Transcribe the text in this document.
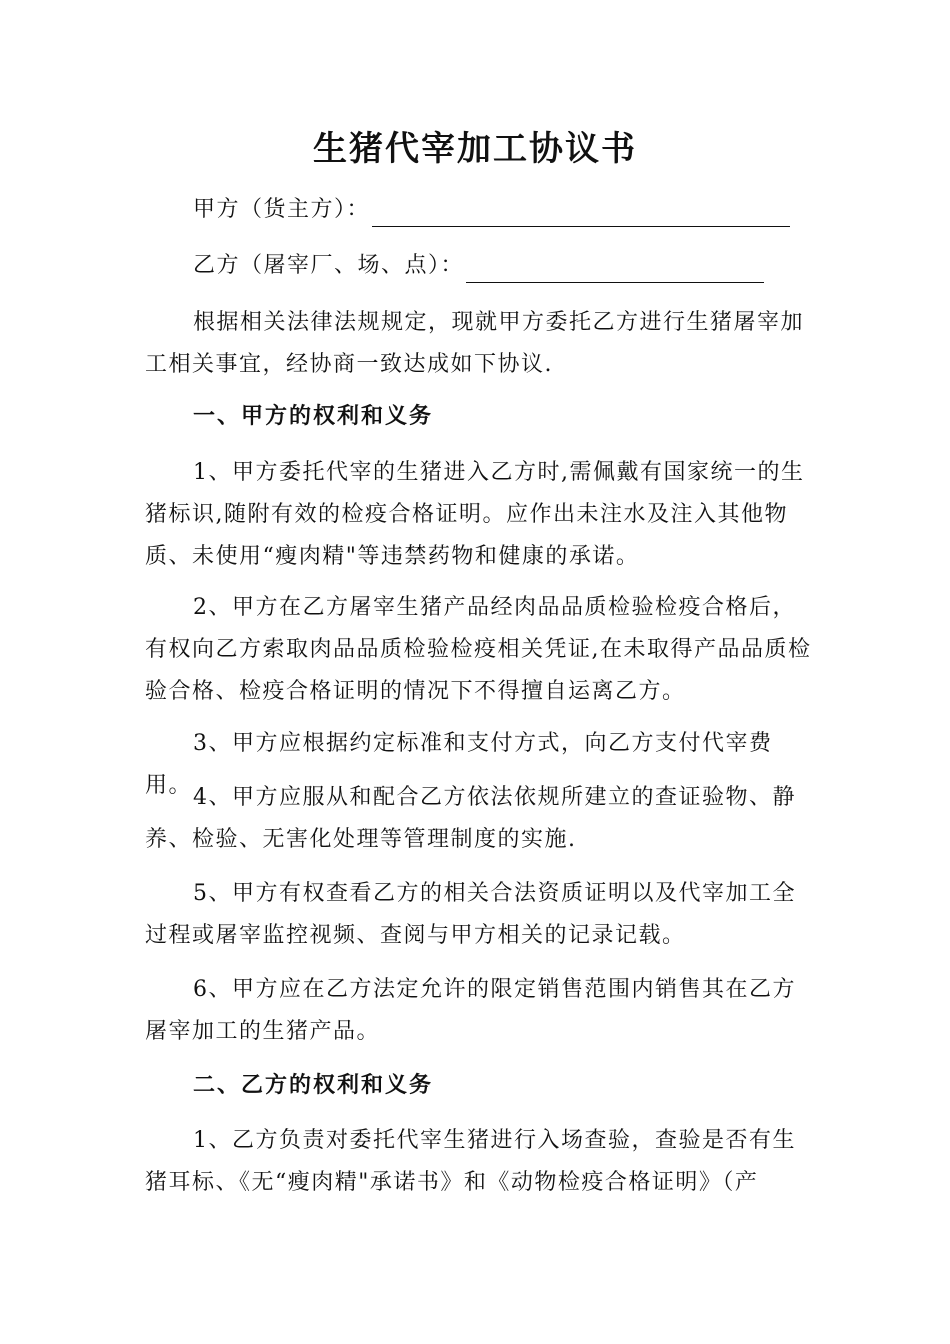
生猪代宰加工协议书
甲方（货主方）：
乙方（屠宰厂、场、点）：
根据相关法律法规规定，现就甲方委托乙方进行生猪屠宰加工相关事宜，经协商一致达成如下协议.
一、甲方的权利和义务
1、甲方委托代宰的生猪进入乙方时,需佩戴有国家统一的生猪标识,随附有效的检疫合格证明。应作出未注水及注入其他物质、未使用“瘦肉精"等违禁药物和健康的承诺。
2、甲方在乙方屠宰生猪产品经肉品品质检验检疫合格后，有权向乙方索取肉品品质检验检疫相关凭证,在未取得产品品质检验合格、检疫合格证明的情况下不得擅自运离乙方。
3、甲方应根据约定标准和支付方式，向乙方支付代宰费用。 4、甲方应服从和配合乙方依法依规所建立的查证验物、静养、检验、无害化处理等管理制度的实施.
5、甲方有权查看乙方的相关合法资质证明以及代宰加工全过程或屠宰监控视频、查阅与甲方相关的记录记载。
6、甲方应在乙方法定允许的限定销售范围内销售其在乙方屠宰加工的生猪产品。
二、乙方的权利和义务
1、乙方负责对委托代宰生猪进行入场查验，查验是否有生猪耳标、《无“瘦肉精"承诺书》和《动物检疫合格证明》（产
